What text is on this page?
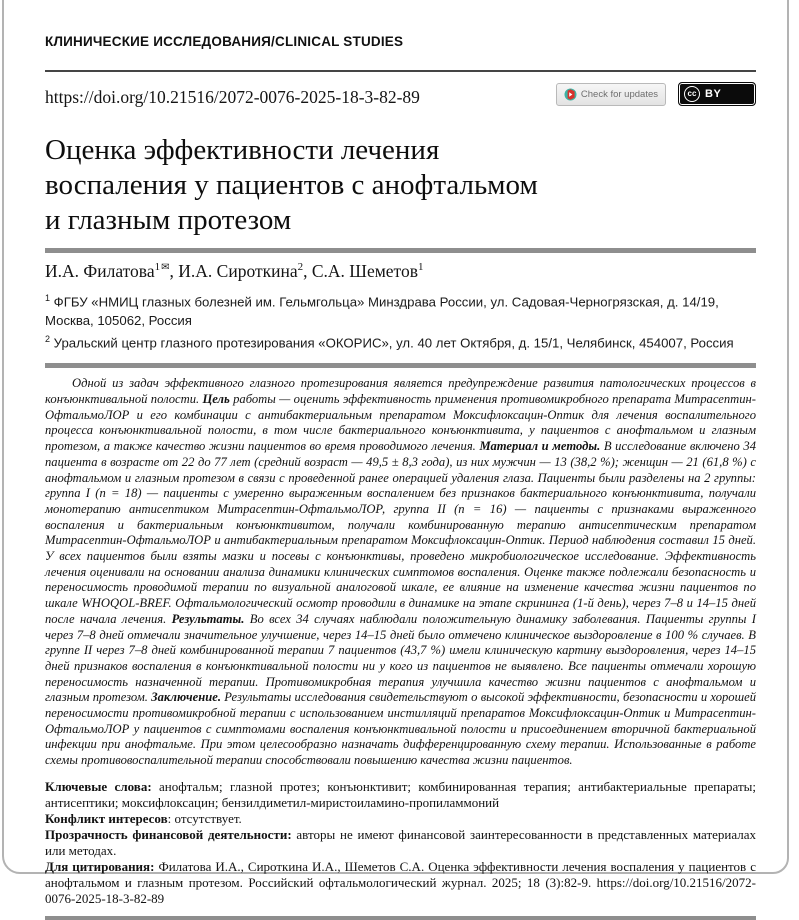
КЛИНИЧЕСКИЕ ИССЛЕДОВАНИЯ/CLINICAL STUDIES
https://doi.org/10.21516/2072-0076-2025-18-3-82-89	Check for updates	cc BY
Оценка эффективности лечения
воспаления у пациентов с анофтальмом
и глазным протезом
И.А. Филатова$^{1✉}$, И.А. Сироткина$^2$, С.А. Шеметов$^1$

$^1$ ФГБУ «НМИЦ глазных болезней им. Гельмгольца» Минздрава России, ул. Садовая-Черногрязская, д. 14/19, Москва, 105062, Россия

$^2$ Уральский центр глазного протезирования «ОКОРИС», ул. 40 лет Октября, д. 15/1, Челябинск, 454007, Россия

Одной из задач эффективного глазного протезирования является предупреждение развития патологических процессов в конъюнктивальной полости. Цель работы — оценить эффективность применения противомикробного препарата Митрасептин-ОфтальмоЛОР и его комбинации с антибактериальным препаратом Моксифлоксацин-Оптик для лечения воспалительного процесса конъюнктивальной полости, в том числе бактериального конъюнктивита, у пациентов с анофтальмом и глазным протезом, а также качество жизни пациентов во время проводимого лечения. Материал и методы. В исследование включено 34 пациента в возрасте от 22 до 77 лет (средний возраст — 49,5 ± 8,3 года), из них мужчин — 13 (38,2 %); женщин — 21 (61,8 %) с анофтальмом и глазным протезом в связи с проведенной ранее операцией удаления глаза. Пациенты были разделены на 2 группы: группа I (n = 18) — пациенты с умеренно выраженным воспалением без признаков бактериального конъюнктивита, получали монотерапию антисептиком Митрасептин-ОфтальмоЛОР, группа II (n = 16) — пациенты с признаками выраженного воспаления и бактериальным конъюнктивитом, получали комбинированную терапию антисептическим препаратом Митрасептин-ОфтальмоЛОР и антибактериальным препаратом Моксифлоксацин-Оптик. Период наблюдения составил 15 дней. У всех пациентов были взяты мазки и посевы с конъюнктивы, проведено микробиологическое исследование. Эффективность лечения оценивали на основании анализа динамики клинических симптомов воспаления. Оценке также подлежали безопасность и переносимость проводимой терапии по визуальной аналоговой шкале, ее влияние на изменение качества жизни пациентов по шкале WHOQOL-BREF. Офтальмологический осмотр проводили в динамике на этапе скрининга (1-й день), через 7–8 и 14–15 дней после начала лечения. Результаты. Во всех 34 случаях наблюдали положительную динамику заболевания. Пациенты группы I через 7–8 дней отмечали значительное улучшение, через 14–15 дней было отмечено клиническое выздоровление в 100 % случаев. В группе II через 7–8 дней комбинированной терапии 7 пациентов (43,7 %) имели клиническую картину выздоровления, через 14–15 дней признаков воспаления в конъюнктивальной полости ни у кого из пациентов не выявлено. Все пациенты отмечали хорошую переносимость назначенной терапии. Противомикробная терапия улучшила качество жизни пациентов с анофтальмом и глазным протезом. Заключение. Результаты исследования свидетельствуют о высокой эффективности, безопасности и хорошей переносимости противомикробной терапии с использованием инстилляций препаратов Моксифлоксацин-Оптик и Митрасептин-ОфтальмоЛОР у пациентов с симптомами воспаления конъюнктивальной полости и присоединением вторичной бактериальной инфекции при анофтальме. При этом целесообразно назначать дифференцированную схему терапии. Использованные в работе схемы противовоспалительной терапии способствовали повышению качества жизни пациентов.

Ключевые слова: анофтальм; глазной протез; конъюнктивит; комбинированная терапия; антибактериальные препараты; антисептики; моксифлоксацин; бензилдиметил-миристоиламино-пропиламмоний

Конфликт интересов: отсутствует.

Прозрачность финансовой деятельности: авторы не имеют финансовой заинтересованности в представленных материалах или методах.

Для цитирования: Филатова И.А., Сироткина И.А., Шеметов С.А. Оценка эффективности лечения воспаления у пациентов с анофтальмом и глазным протезом. Российский офтальмологический журнал. 2025; 18 (3):82-9. https://doi.org/10.21516/2072-0076-2025-18-3-82-89
